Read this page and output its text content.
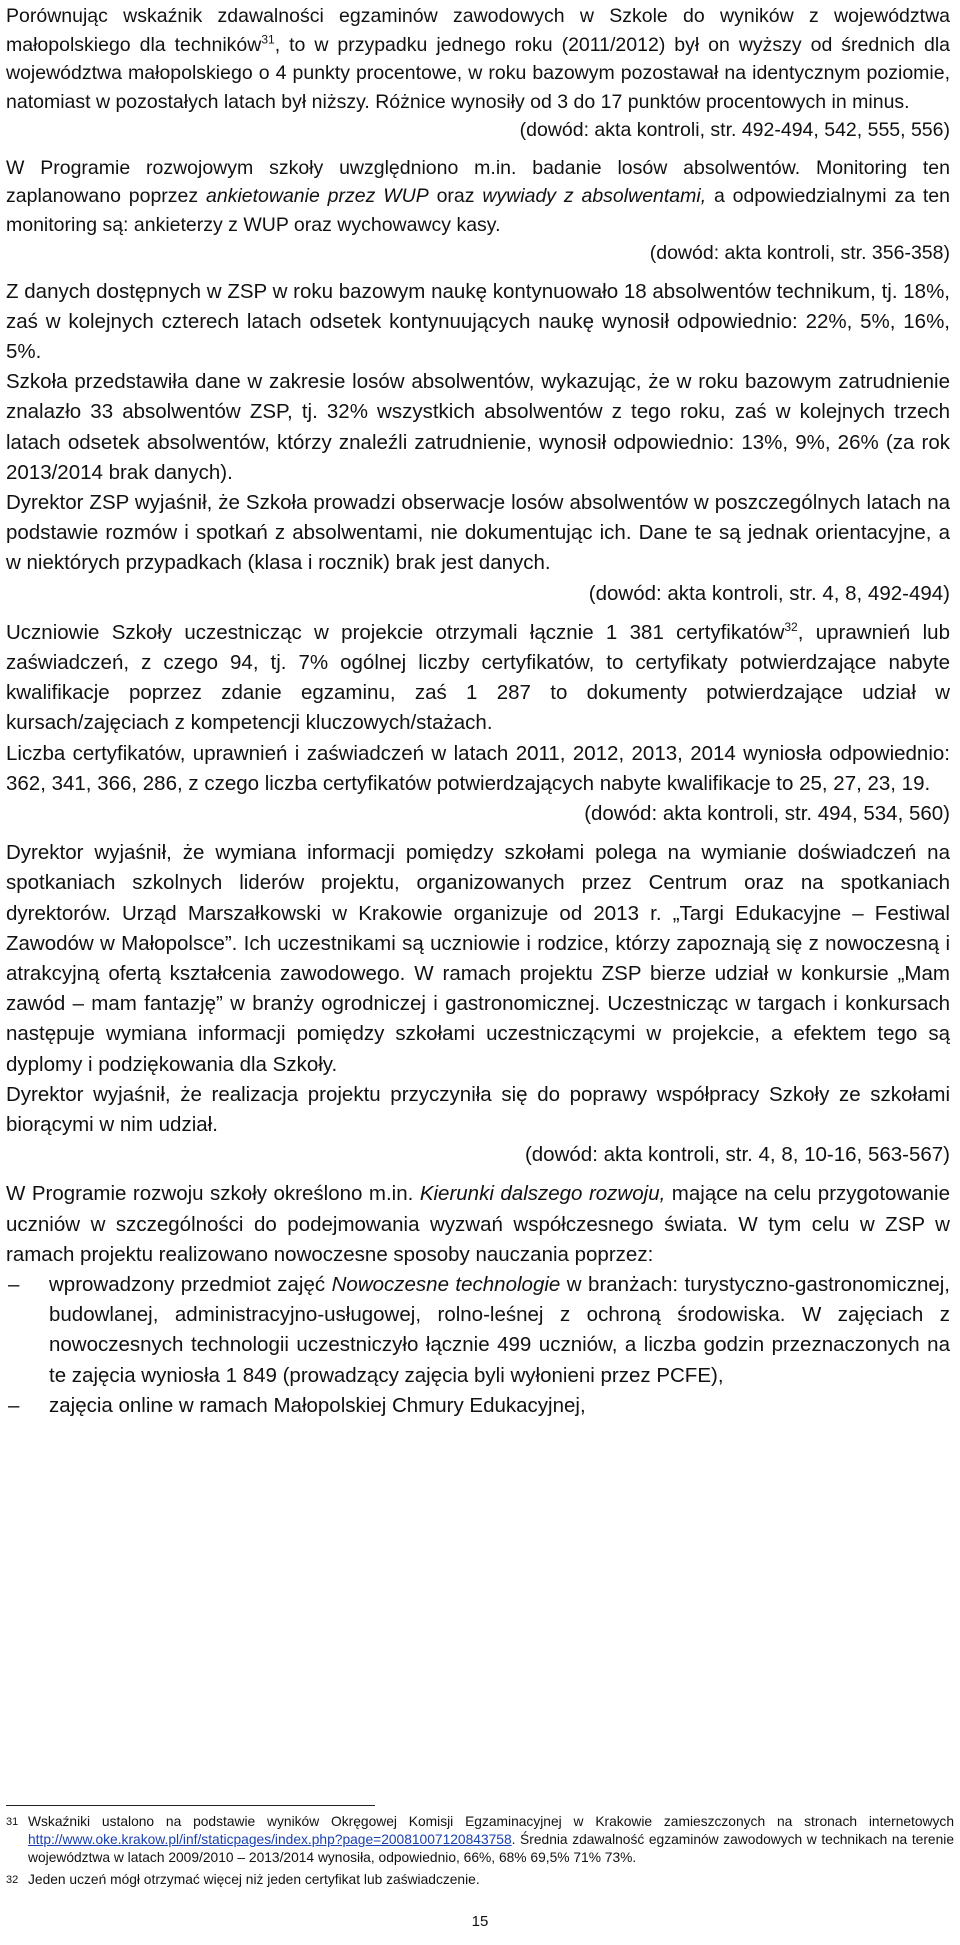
Porównując wskaźnik zdawalności egzaminów zawodowych w Szkole do wyników z województwa małopolskiego dla techników$^{31}$, to w przypadku jednego roku (2011/2012) był on wyższy od średnich dla województwa małopolskiego o 4 punkty procentowe, w roku bazowym pozostawał na identycznym poziomie, natomiast w pozostałych latach był niższy. Różnice wynosiły od 3 do 17 punktów procentowych in minus.

(dowód: akta kontroli, str. 492-494, 542, 555, 556)

W Programie rozwojowym szkoły uwzględniono m.in. badanie losów absolwentów. Monitoring ten zaplanowano poprzez ankietowanie przez WUP oraz wywiady z absolwentami, a odpowiedzialnymi za ten monitoring są: ankieterzy z WUP oraz wychowawcy kasy.

(dowód: akta kontroli, str. 356-358)

Z danych dostępnych w ZSP w roku bazowym naukę kontynuowało 18 absolwentów technikum, tj. 18%, zaś w kolejnych czterech latach odsetek kontynuujących naukę wynosił odpowiednio: 22%, 5%, 16%, 5%.

Szkoła przedstawiła dane w zakresie losów absolwentów, wykazując, że w roku bazowym zatrudnienie znalazło 33 absolwentów ZSP, tj. 32% wszystkich absolwentów z tego roku, zaś w kolejnych trzech latach odsetek absolwentów, którzy znaleźli zatrudnienie, wynosił odpowiednio: 13%, 9%, 26% (za rok 2013/2014 brak danych).

Dyrektor ZSP wyjaśnił, że Szkoła prowadzi obserwacje losów absolwentów w poszczególnych latach na podstawie rozmów i spotkań z absolwentami, nie dokumentując ich. Dane te są jednak orientacyjne, a w niektórych przypadkach (klasa i rocznik) brak jest danych.

(dowód: akta kontroli, str. 4, 8, 492-494)

Uczniowie Szkoły uczestnicząc w projekcie otrzymali łącznie 1 381 certyfikatów$^{32}$, uprawnień lub zaświadczeń, z czego 94, tj. 7% ogólnej liczby certyfikatów, to certyfikaty potwierdzające nabyte kwalifikacje poprzez zdanie egzaminu, zaś 1 287 to dokumenty potwierdzające udział w kursach/zajęciach z kompetencji kluczowych/stażach.

Liczba certyfikatów, uprawnień i zaświadczeń w latach 2011, 2012, 2013, 2014 wyniosła odpowiednio: 362, 341, 366, 286, z czego liczba certyfikatów potwierdzających nabyte kwalifikacje to 25, 27, 23, 19.

(dowód: akta kontroli, str. 494, 534, 560)

Dyrektor wyjaśnił, że wymiana informacji pomiędzy szkołami polega na wymianie doświadczeń na spotkaniach szkolnych liderów projektu, organizowanych przez Centrum oraz na spotkaniach dyrektorów. Urząd Marszałkowski w Krakowie organizuje od 2013 r. „Targi Edukacyjne – Festiwal Zawodów w Małopolsce”. Ich uczestnikami są uczniowie i rodzice, którzy zapoznają się z nowoczesną i atrakcyjną ofertą kształcenia zawodowego. W ramach projektu ZSP bierze udział w konkursie „Mam zawód – mam fantazję” w branży ogrodniczej i gastronomicznej. Uczestnicząc w targach i konkursach następuje wymiana informacji pomiędzy szkołami uczestniczącymi w projekcie, a efektem tego są dyplomy i podziękowania dla Szkoły.

Dyrektor wyjaśnił, że realizacja projektu przyczyniła się do poprawy współpracy Szkoły ze szkołami biorącymi w nim udział.

(dowód: akta kontroli, str. 4, 8, 10-16, 563-567)

W Programie rozwoju szkoły określono m.in. Kierunki dalszego rozwoju, mające na celu przygotowanie uczniów w szczególności do podejmowania wyzwań współczesnego świata. W tym celu w ZSP w ramach projektu realizowano nowoczesne sposoby nauczania poprzez:

– wprowadzony przedmiot zajęć Nowoczesne technologie w branżach: turystyczno-gastronomicznej, budowlanej, administracyjno-usługowej, rolno-leśnej z ochroną środowiska. W zajęciach z nowoczesnych technologii uczestniczyło łącznie 499 uczniów, a liczba godzin przeznaczonych na te zajęcia wyniosła 1 849 (prowadzący zajęcia byli wyłonieni przez PCFE),
– zajęcia online w ramach Małopolskiej Chmury Edukacyjnej,

31 Wskaźniki ustalono na podstawie wyników Okręgowej Komisji Egzaminacyjnej w Krakowie zamieszczonych na stronach internetowych http://www.oke.krakow.pl/inf/staticpages/index.php?page=20081007120843758. Średnia zdawalność egzaminów zawodowych w technikach na terenie województwa w latach 2009/2010 – 2013/2014 wynosiła, odpowiednio, 66%, 68% 69,5% 71% 73%.

32 Jeden uczeń mógł otrzymać więcej niż jeden certyfikat lub zaświadczenie.

15
